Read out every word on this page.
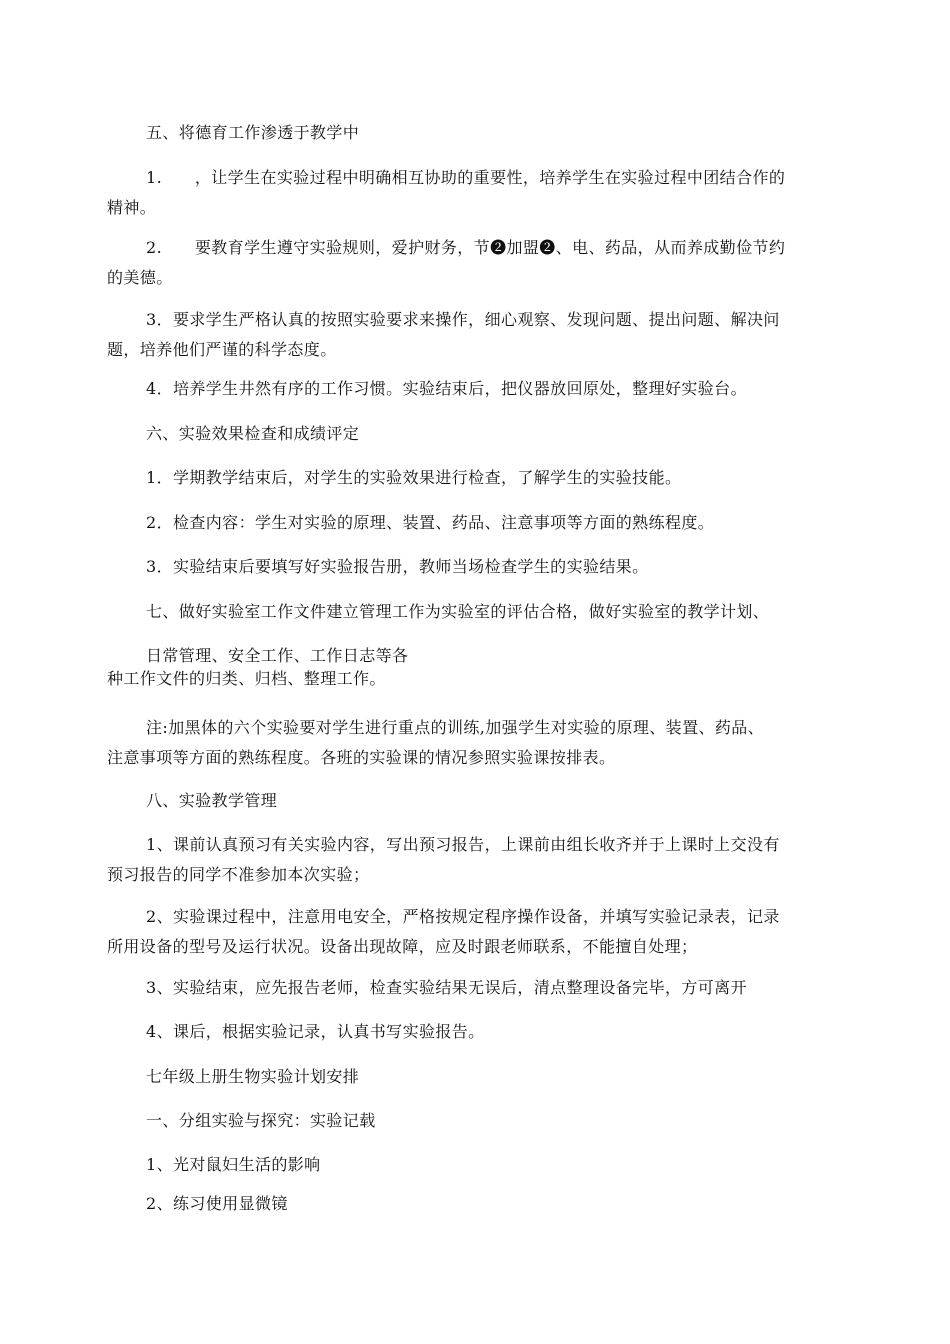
五、将德育工作渗透于教学中
1.　　，让学生在实验过程中明确相互协助的重要性，培养学生在实验过程中团结合作的
精神。
2.　　要教育学生遵守实验规则，爱护财务，节❷加盟❷、电、药品，从而养成勤俭节约
的美德。
3．要求学生严格认真的按照实验要求来操作，细心观察、发现问题、提出问题、解决问
题，培养他们严谨的科学态度。
4．培养学生井然有序的工作习惯。实验结束后，把仪器放回原处，整理好实验台。
六、实验效果检查和成绩评定
1．学期教学结束后，对学生的实验效果进行检查，了解学生的实验技能。
2．检查内容：学生对实验的原理、装置、药品、注意事项等方面的熟练程度。
3．实验结束后要填写好实验报告册，教师当场检查学生的实验结果。
七、做好实验室工作文件建立管理工作为实验室的评估合格，做好实验室的教学计划、
日常管理、安全工作、工作日志等各
种工作文件的归类、归档、整理工作。
注:加黑体的六个实验要对学生进行重点的训练,加强学生对实验的原理、装置、药品、
注意事项等方面的熟练程度。各班的实验课的情况参照实验课按排表。
八、实验教学管理
1、课前认真预习有关实验内容，写出预习报告，上课前由组长收齐并于上课时上交没有
预习报告的同学不准参加本次实验；
2、实验课过程中，注意用电安全，严格按规定程序操作设备，并填写实验记录表，记录
所用设备的型号及运行状况。设备出现故障，应及时跟老师联系，不能擅自处理；
3、实验结束，应先报告老师，检查实验结果无误后，清点整理设备完毕，方可离开
4、课后，根据实验记录，认真书写实验报告。
七年级上册生物实验计划安排
一、分组实验与探究：实验记载
1、光对鼠妇生活的影响
2、练习使用显微镜
